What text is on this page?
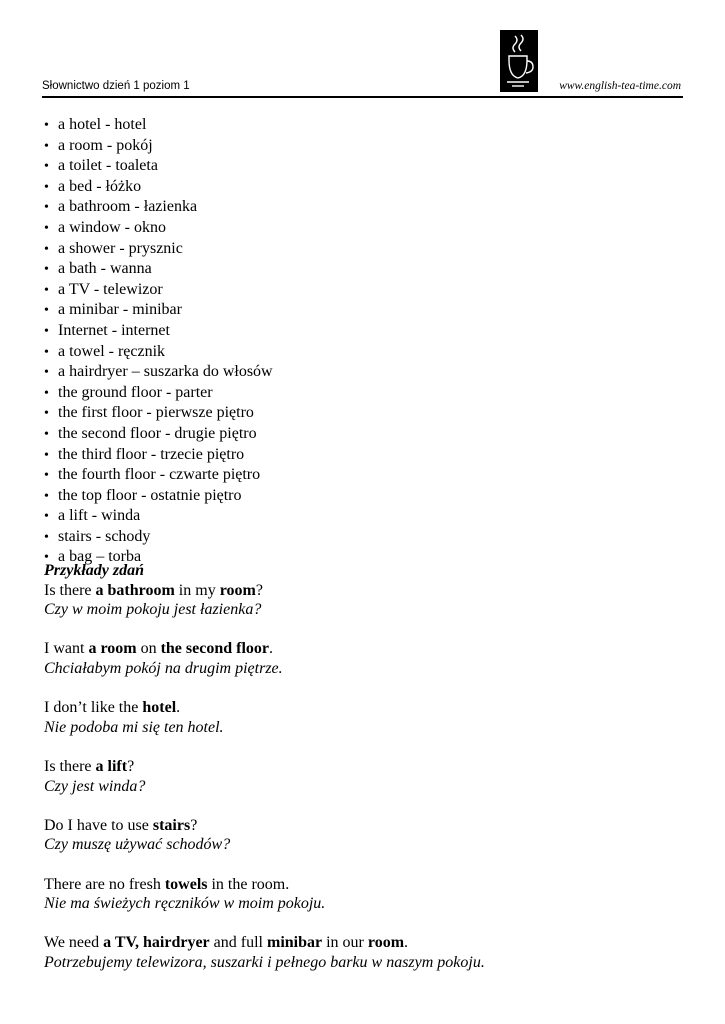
Słownictwo dzień 1 poziom 1	www.english-tea-time.com
• a hotel - hotel
• a room - pokój
• a toilet - toaleta
• a bed - łóżko
• a bathroom - łazienka
• a window - okno
• a shower - prysznic
• a bath - wanna
• a TV - telewizor
• a minibar - minibar
• Internet - internet
• a towel - ręcznik
• a hairdryer – suszarka do włosów
• the ground floor - parter
• the first floor - pierwsze piętro
• the second floor - drugie piętro
• the third floor - trzecie piętro
• the fourth floor - czwarte piętro
• the top floor - ostatnie piętro
• a lift - winda
• stairs - schody
• a bag – torba
Przykłady zdań
Is there a bathroom in my room?
Czy w moim pokoju jest łazienka?
I want a room on the second floor.
Chciałabym pokój na drugim piętrze.
I don’t like the hotel.
Nie podoba mi się ten hotel.
Is there a lift?
Czy jest winda?
Do I have to use stairs?
Czy muszę używać schodów?
There are no fresh towels in the room.
Nie ma świeżych ręczników w moim pokoju.
We need a TV, hairdryer and full minibar in our room.
Potrzebujemy telewizora, suszarki i pełnego barku w naszym pokoju.
